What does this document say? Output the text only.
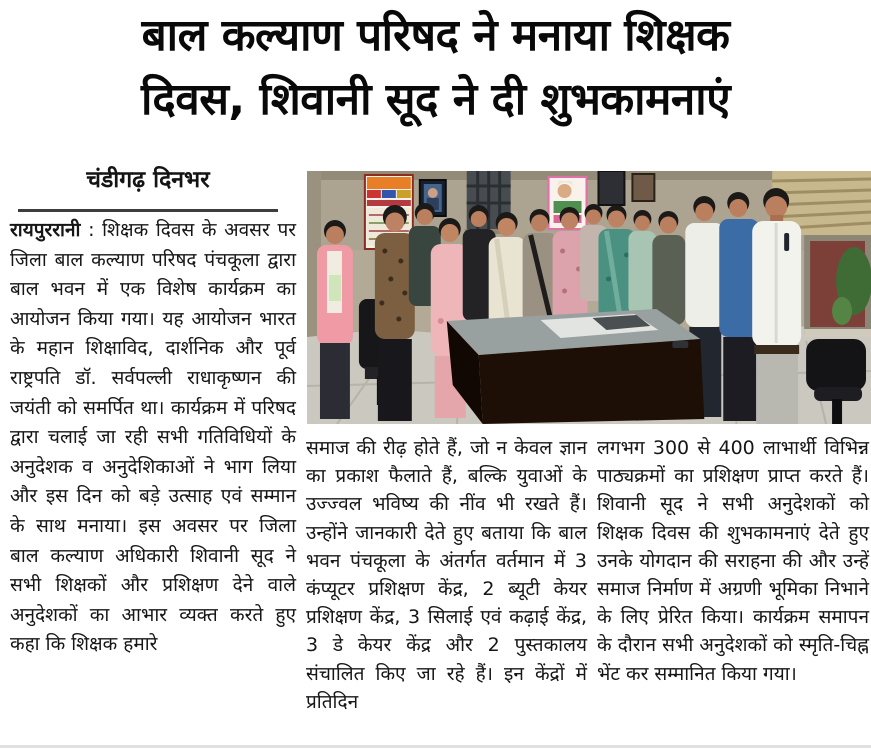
बाल कल्याण परिषद ने मनाया शिक्षक
दिवस, शिवानी सूद ने दी शुभकामनाएं
चंडीगढ़ दिनभर

रायपुररानी : शिक्षक दिवस के अवसर पर जिला बाल कल्याण परिषद पंचकूला द्वारा बाल भवन में एक विशेष कार्यक्रम का आयोजन किया गया। यह आयोजन भारत के महान शिक्षाविद, दार्शनिक और पूर्व राष्ट्रपति डॉ. सर्वपल्ली राधाकृष्णन की जयंती को समर्पित था। कार्यक्रम में परिषद द्वारा चलाई जा रही सभी गतिविधियों के अनुदेशक व अनुदेशिकाओं ने भाग लिया और इस दिन को बड़े उत्साह एवं सम्मान के साथ मनाया। इस अवसर पर जिला बाल कल्याण अधिकारी शिवानी सूद ने सभी शिक्षकों और प्रशिक्षण देने वाले अनुदेशकों का आभार व्यक्त करते हुए कहा कि शिक्षक हमारे

समाज की रीढ़ होते हैं, जो न केवल ज्ञान का प्रकाश फैलाते हैं, बल्कि युवाओं के उज्ज्वल भविष्य की नींव भी रखते हैं। उन्होंने जानकारी देते हुए बताया कि बाल भवन पंचकूला के अंतर्गत वर्तमान में 3 कंप्यूटर प्रशिक्षण केंद्र, 2 ब्यूटी केयर प्रशिक्षण केंद्र, 3 सिलाई एवं कढ़ाई केंद्र, 3 डे केयर केंद्र और 2 पुस्तकालय संचालित किए जा रहे हैं। इन केंद्रों में प्रतिदिन

लगभग 300 से 400 लाभार्थी विभिन्न पाठ्यक्रमों का प्रशिक्षण प्राप्त करते हैं। शिवानी सूद ने सभी अनुदेशकों को शिक्षक दिवस की शुभकामनाएं देते हुए उनके योगदान की सराहना की और उन्हें समाज निर्माण में अग्रणी भूमिका निभाने के लिए प्रेरित किया। कार्यक्रम समापन के दौरान सभी अनुदेशकों को स्मृति-चिह्न भेंट कर सम्मानित किया गया।
